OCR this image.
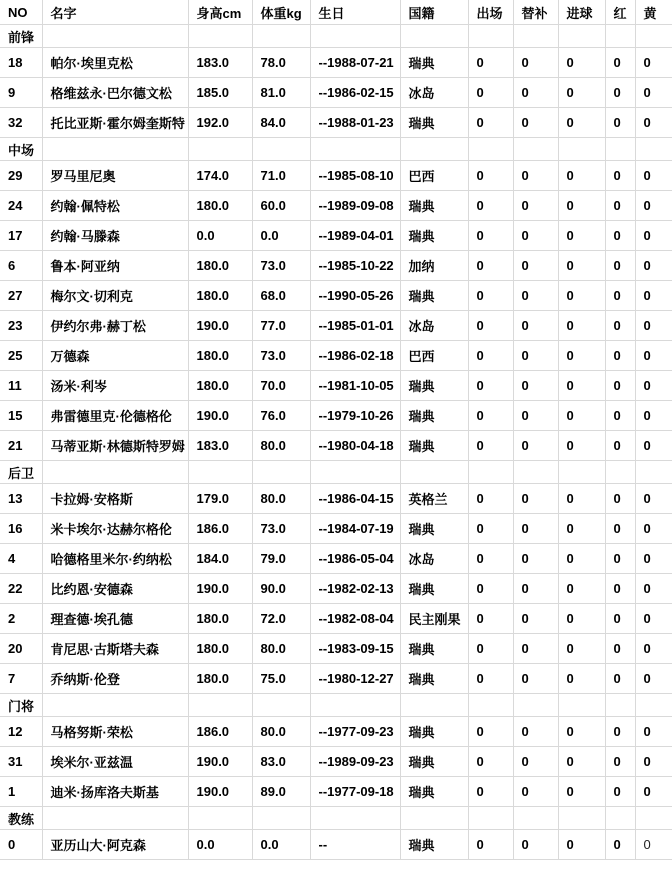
NO	名字	身高cm	体重kg	生日	国籍	出场	替补	进球	红	黄
前锋										
18	帕尔·埃里克松	183.0	78.0	--1988-07-21	瑞典	0	0	0	0	0
9	格维兹永·巴尔德文松	185.0	81.0	--1986-02-15	冰岛	0	0	0	0	0
32	托比亚斯·霍尔姆奎斯特	192.0	84.0	--1988-01-23	瑞典	0	0	0	0	0
中场										
29	罗马里尼奥	174.0	71.0	--1985-08-10	巴西	0	0	0	0	0
24	约翰·佩特松	180.0	60.0	--1989-09-08	瑞典	0	0	0	0	0
17	约翰·马滕森	0.0	0.0	--1989-04-01	瑞典	0	0	0	0	0
6	鲁本·阿亚纳	180.0	73.0	--1985-10-22	加纳	0	0	0	0	0
27	梅尔文·切利克	180.0	68.0	--1990-05-26	瑞典	0	0	0	0	0
23	伊约尔弗·赫丁松	190.0	77.0	--1985-01-01	冰岛	0	0	0	0	0
25	万德森	180.0	73.0	--1986-02-18	巴西	0	0	0	0	0
11	汤米·利岑	180.0	70.0	--1981-10-05	瑞典	0	0	0	0	0
15	弗雷德里克·伦德格伦	190.0	76.0	--1979-10-26	瑞典	0	0	0	0	0
21	马蒂亚斯·林德斯特罗姆	183.0	80.0	--1980-04-18	瑞典	0	0	0	0	0
后卫										
13	卡拉姆·安格斯	179.0	80.0	--1986-04-15	英格兰	0	0	0	0	0
16	米卡埃尔·达赫尔格伦	186.0	73.0	--1984-07-19	瑞典	0	0	0	0	0
4	哈德格里米尔·约纳松	184.0	79.0	--1986-05-04	冰岛	0	0	0	0	0
22	比约恩·安德森	190.0	90.0	--1982-02-13	瑞典	0	0	0	0	0
2	理查德·埃孔德	180.0	72.0	--1982-08-04	民主刚果	0	0	0	0	0
20	肯尼思·古斯塔夫森	180.0	80.0	--1983-09-15	瑞典	0	0	0	0	0
7	乔纳斯·伦登	180.0	75.0	--1980-12-27	瑞典	0	0	0	0	0
门将										
12	马格努斯·荣松	186.0	80.0	--1977-09-23	瑞典	0	0	0	0	0
31	埃米尔·亚兹温	190.0	83.0	--1989-09-23	瑞典	0	0	0	0	0
1	迪米·扬库洛夫斯基	190.0	89.0	--1977-09-18	瑞典	0	0	0	0	0
教练										
0	亚历山大·阿克森	0.0	0.0	--	瑞典	0	0	0	0	0
